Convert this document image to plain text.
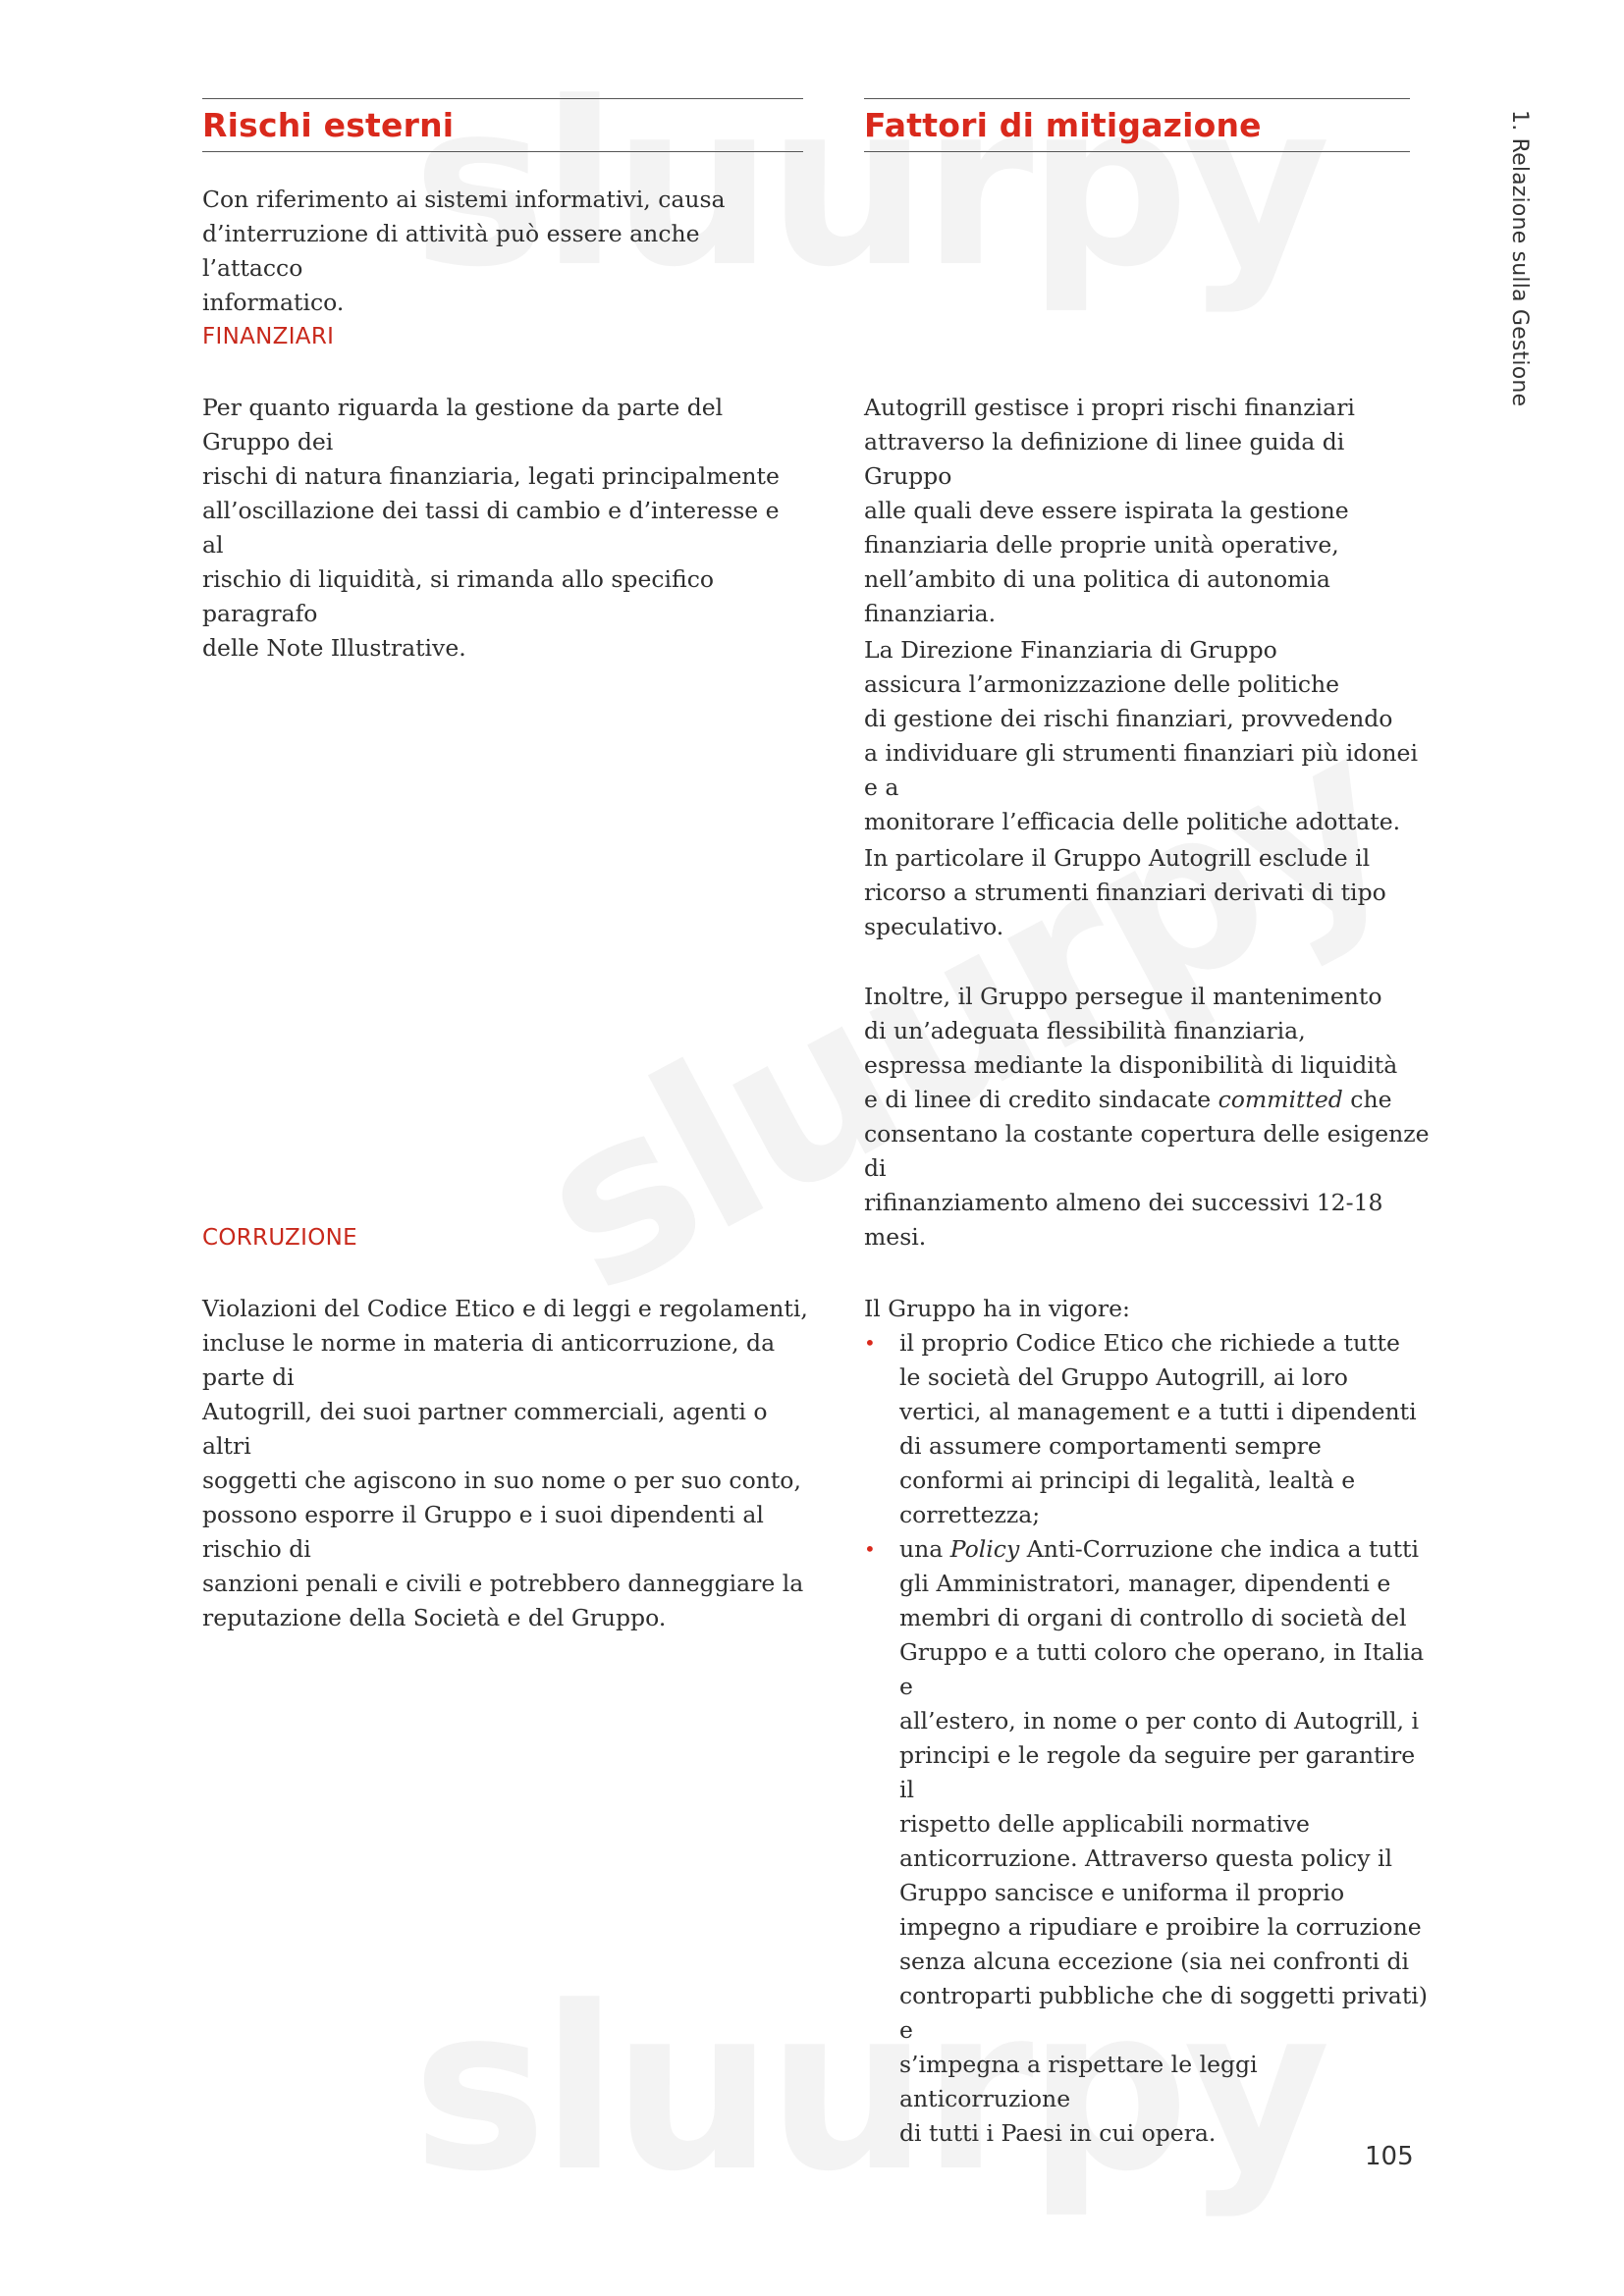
Rischi esterni

Con riferimento ai sistemi informativi, causa

d’interruzione di attività può essere anche l’attacco

informatico.

FINANZIARI

Per quanto riguarda la gestione da parte del Gruppo dei

rischi di natura finanziaria, legati principalmente

all’oscillazione dei tassi di cambio e d’interesse e al

rischio di liquidità, si rimanda allo specifico paragrafo

delle Note Illustrative.

CORRUZIONE

Violazioni del Codice Etico e di leggi e regolamenti,

incluse le norme in materia di anticorruzione, da parte di

Autogrill, dei suoi partner commerciali, agenti o altri

soggetti che agiscono in suo nome o per suo conto,

possono esporre il Gruppo e i suoi dipendenti al rischio di

sanzioni penali e civili e potrebbero danneggiare la

reputazione della Società e del Gruppo.

Fattori di mitigazione

Autogrill gestisce i propri rischi finanziari

attraverso la definizione di linee guida di Gruppo

alle quali deve essere ispirata la gestione

finanziaria delle proprie unità operative,

nell’ambito di una politica di autonomia

finanziaria.

La Direzione Finanziaria di Gruppo

assicura l’armonizzazione delle politiche

di gestione dei rischi finanziari, provvedendo

a individuare gli strumenti finanziari più idonei e a

monitorare l’efficacia delle politiche adottate.

In particolare il Gruppo Autogrill esclude il

ricorso a strumenti finanziari derivati di tipo

speculativo.

Inoltre, il Gruppo persegue il mantenimento

di un’adeguata flessibilità finanziaria,

espressa mediante la disponibilità di liquidità

e di linee di credito sindacate committed che

consentano la costante copertura delle esigenze di

rifinanziamento almeno dei successivi 12-18 mesi.

Il Gruppo ha in vigore:

• il proprio Codice Etico che richiede a tutte
le società del Gruppo Autogrill, ai loro
vertici, al management e a tutti i dipendenti
di assumere comportamenti sempre
conformi ai principi di legalità, lealtà e
correttezza;
• una Policy Anti-Corruzione che indica a tutti
gli Amministratori, manager, dipendenti e
membri di organi di controllo di società del
Gruppo e a tutti coloro che operano, in Italia e
all’estero, in nome o per conto di Autogrill, i
principi e le regole da seguire per garantire il
rispetto delle applicabili normative
anticorruzione. Attraverso questa policy il
Gruppo sancisce e uniforma il proprio
impegno a ripudiare e proibire la corruzione
senza alcuna eccezione (sia nei confronti di
controparti pubbliche che di soggetti privati) e
s’impegna a rispettare le leggi anticorruzione
di tutti i Paesi in cui opera.
1. Relazione sulla Gestione
105
